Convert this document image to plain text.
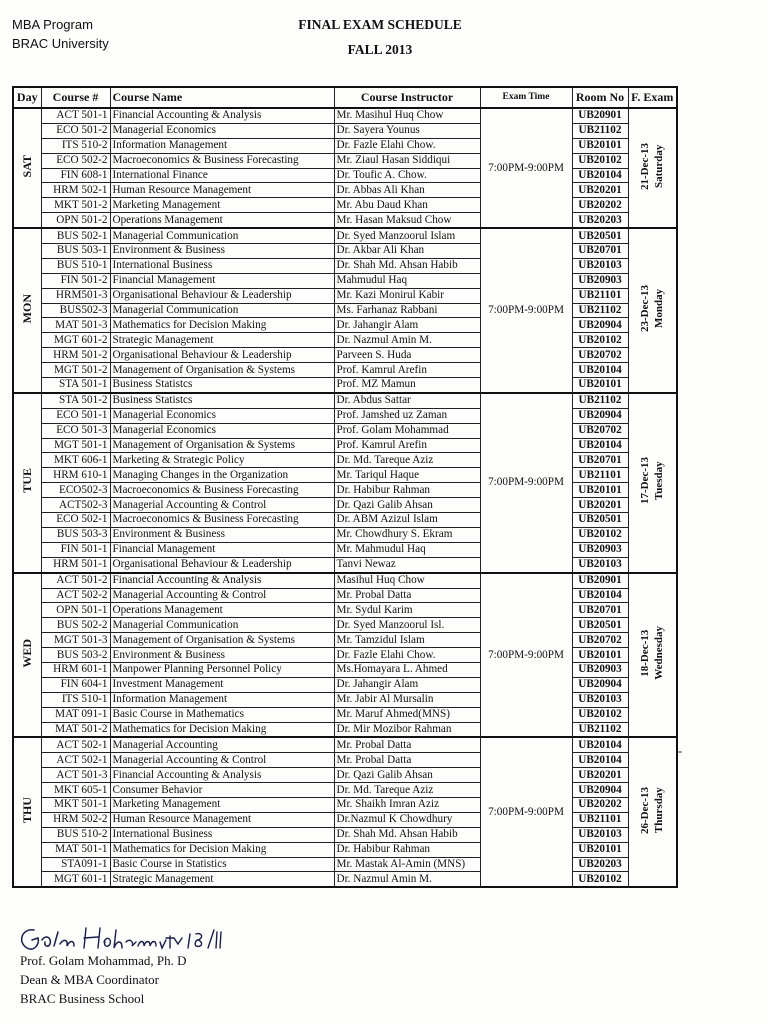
MBA Program
BRAC University
FINAL EXAM SCHEDULE
FALL 2013
Day	Course #	Course Name	Course Instructor	Exam Time	Room No	F. Exam
SAT	ACT 501-1	Financial Accounting & Analysis	Mr. Masihul Huq Chow	7:00PM-9:00PM	UB20901	21-Dec-13 Saturday
	ECO 501-2	Managerial Economics	Dr. Sayera Younus		UB21102	
	ITS 510-2	Information Management	Dr. Fazle Elahi Chow.		UB20101	
	ECO 502-2	Macroeconomics & Business Forecasting	Mr. Ziaul Hasan Siddiqui		UB20102	
	FIN 608-1	International Finance	Dr. Toufic A. Chow.		UB20104	
	HRM 502-1	Human Resource Management	Dr. Abbas Ali Khan		UB20201	
	MKT 501-2	Marketing Management	Mr. Abu Daud Khan		UB20202	
	OPN 501-2	Operations Management	Mr. Hasan Maksud Chow		UB20203	
MON	BUS 502-1	Managerial Communication	Dr. Syed Manzoorul Islam	7:00PM-9:00PM	UB20501	23-Dec-13 Monday
	BUS 503-1	Environment & Business	Dr. Akbar Ali Khan		UB20701	
	BUS 510-1	International Business	Dr. Shah Md. Ahsan Habib		UB20103	
	FIN 501-2	Financial Management	Mahmudul Haq		UB20903	
	HRM501-3	Organisational Behaviour & Leadership	Mr. Kazi Monirul Kabir		UB21101	
	BUS502-3	Managerial Communication	Ms. Farhanaz Rabbani		UB21102	
	MAT 501-3	Mathematics for Decision Making	Dr. Jahangir Alam		UB20904	
	MGT 601-2	Strategic Management	Dr. Nazmul Amin M.		UB20102	
	HRM 501-2	Organisational Behaviour & Leadership	Parveen S. Huda		UB20702	
	MGT 501-2	Management of Organisation & Systems	Prof. Kamrul Arefin		UB20104	
	STA 501-1	Business Statistcs	Prof. MZ Mamun		UB20101	
TUE	STA 501-2	Business Statistcs	Dr. Abdus Sattar	7:00PM-9:00PM	UB21102	17-Dec-13 Tuesday
	ECO 501-1	Managerial Economics	Prof. Jamshed uz Zaman		UB20904	
	ECO 501-3	Managerial Economics	Prof. Golam Mohammad		UB20702	
	MGT 501-1	Management of Organisation & Systems	Prof. Kamrul Arefin		UB20104	
	MKT 606-1	Marketing & Strategic Policy	Dr. Md. Tareque Aziz		UB20701	
	HRM 610-1	Managing Changes in the Organization	Mr. Tariqul Haque		UB21101	
	ECO502-3	Macroeconomics & Business Forecasting	Dr. Habibur Rahman		UB20101	
	ACT502-3	Managerial Accounting & Control	Dr. Qazi Galib Ahsan		UB20201	
	ECO 502-1	Macroeconomics & Business Forecasting	Dr. ABM Azizul Islam		UB20501	
	BUS 503-3	Environment & Business	Mr. Chowdhury S. Ekram		UB20102	
	FIN 501-1	Financial Management	Mr. Mahmudul Haq		UB20903	
	HRM 501-1	Organisational Behaviour & Leadership	Tanvi Newaz		UB20103	
WED	ACT 501-2	Financial Accounting & Analysis	Masihul Huq Chow	7:00PM-9:00PM	UB20901	18-Dec-13 Wednesday
	ACT 502-2	Managerial Accounting & Control	Mr. Probal Datta		UB20104	
	OPN 501-1	Operations Management	Mr. Sydul Karim		UB20701	
	BUS 502-2	Managerial Communication	Dr. Syed Manzoorul Isl.		UB20501	
	MGT 501-3	Management of Organisation & Systems	Mr. Tamzidul Islam		UB20702	
	BUS 503-2	Environment & Business	Dr. Fazle Elahi Chow.		UB20101	
	HRM 601-1	Manpower Planning Personnel Policy	Ms.Homayara L. Ahmed		UB20903	
	FIN 604-1	Investment Management	Dr. Jahangir Alam		UB20904	
	ITS 510-1	Information Management	Mr. Jabir Al Mursalin		UB20103	
	MAT 091-1	Basic Course in Mathematics	Mr. Maruf Ahmed(MNS)		UB20102	
	MAT 501-2	Mathematics for Decision Making	Dr. Mir Mozibor Rahman		UB21102	
THU	ACT 502-1	Managerial Accounting	Mr. Probal Datta	7:00PM-9:00PM	UB20104	26-Dec-13 Thursday
	ACT 502-1	Managerial Accounting & Control	Mr. Probal Datta		UB20104	
	ACT 501-3	Financial Accounting & Analysis	Dr. Qazi Galib Ahsan		UB20201	
	MKT 605-1	Consumer Behavior	Dr. Md. Tareque Aziz		UB20904	
	MKT 501-1	Marketing Management	Mr. Shaikh Imran Aziz		UB20202	
	HRM 502-2	Human Resource Management	Dr.Nazmul K Chowdhury		UB21101	
	BUS 510-2	International Business	Dr. Shah Md. Ahsan Habib		UB20103	
	MAT 501-1	Mathematics for Decision Making	Dr. Habibur Rahman		UB20101	
	STA091-1	Basic Course in Statistics	Mr. Mastak Al-Amin (MNS)		UB20203	
	MGT 601-1	Strategic Management	Dr. Nazmul Amin M.		UB20102	
-
Prof. Golam Mohammad, Ph. D
Dean & MBA Coordinator
BRAC Business School
